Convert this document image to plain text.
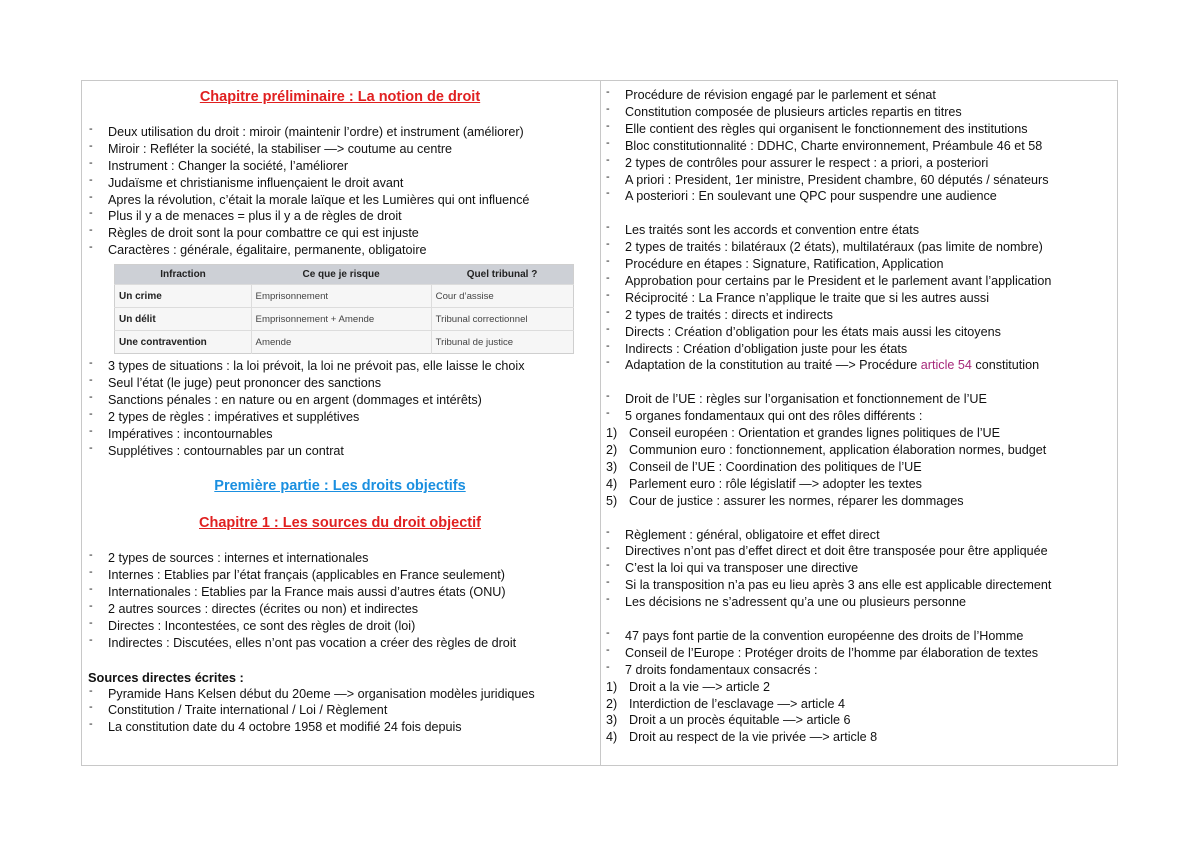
Chapitre préliminaire : La notion de droit
- Deux utilisation du droit : miroir (maintenir l’ordre) et instrument (améliorer)
- Miroir : Refléter la société, la stabiliser —> coutume au centre
- Instrument : Changer la société, l’améliorer
- Judaïsme et christianisme influençaient le droit avant
- Apres la révolution, c’était la morale laïque et les Lumières qui ont influencé
- Plus il y a de menaces = plus il y a de règles de droit
- Règles de droit sont la pour combattre ce qui est injuste
- Caractères : générale, égalitaire, permanente, obligatoire
Infraction	Ce que je risque	Quel tribunal ?
Un crime	Emprisonnement	Cour d’assise
Un délit	Emprisonnement + Amende	Tribunal correctionnel
Une contravention	Amende	Tribunal de justice
- 3 types de situations : la loi prévoit, la loi ne prévoit pas, elle laisse le choix
- Seul l’état (le juge) peut prononcer des sanctions
- Sanctions pénales : en nature ou en argent (dommages et intérêts)
- 2 types de règles : impératives et supplétives
- Impératives : incontournables
- Supplétives : contournables par un contrat
Première partie : Les droits objectifs
Chapitre 1 : Les sources du droit objectif
- 2 types de sources : internes et internationales
- Internes : Etablies par l’état français (applicables en France seulement)
- Internationales : Etablies par la France mais aussi d’autres états (ONU)
- 2 autres sources : directes (écrites ou non) et indirectes
- Directes : Incontestées, ce sont des règles de droit (loi)
- Indirectes : Discutées, elles n’ont pas vocation a créer des règles de droit
Sources directes écrites :
- Pyramide Hans Kelsen début du 20eme —> organisation modèles juridiques
- Constitution / Traite international / Loi / Règlement
- La constitution date du 4 octobre 1958 et modifié 24 fois depuis
- Procédure de révision engagé par le parlement et sénat
- Constitution composée de plusieurs articles repartis en titres
- Elle contient des règles qui organisent le fonctionnement des institutions
- Bloc constitutionnalité : DDHC, Charte environnement, Préambule 46 et 58
- 2 types de contrôles pour assurer le respect : a priori, a posteriori
- A priori : President, 1er ministre, President chambre, 60 députés / sénateurs
- A posteriori : En soulevant une QPC pour suspendre une audience
- Les traités sont les accords et convention entre états
- 2 types de traités : bilatéraux (2 états), multilatéraux (pas limite de nombre)
- Procédure en étapes : Signature, Ratification, Application
- Approbation pour certains par le President et le parlement avant l’application
- Réciprocité : La France n’applique le traite que si les autres aussi
- 2 types de traités : directs et indirects
- Directs : Création d’obligation pour les états mais aussi les citoyens
- Indirects : Création d’obligation juste pour les états
- Adaptation de la constitution au traité —> Procédure article 54 constitution
- Droit de l’UE : règles sur l’organisation et fonctionnement de l’UE
- 5 organes fondamentaux qui ont des rôles différents :
1) Conseil européen : Orientation et grandes lignes politiques de l’UE
2) Communion euro : fonctionnement, application élaboration normes, budget
3) Conseil de l’UE : Coordination des politiques de l’UE
4) Parlement euro : rôle législatif —> adopter les textes
5) Cour de justice : assurer les normes, réparer les dommages
- Règlement : général, obligatoire et effet direct
- Directives n’ont pas d’effet direct et doit être transposée pour être appliquée
- C’est la loi qui va transposer une directive
- Si la transposition n’a pas eu lieu après 3 ans elle est applicable directement
- Les décisions ne s’adressent qu’a une ou plusieurs personne
- 47 pays font partie de la convention européenne des droits de l’Homme
- Conseil de l’Europe : Protéger droits de l’homme par élaboration de textes
- 7 droits fondamentaux consacrés :
1) Droit a la vie —> article 2
2) Interdiction de l’esclavage —> article 4
3) Droit a un procès équitable —> article 6
4) Droit au respect de la vie privée —> article 8
